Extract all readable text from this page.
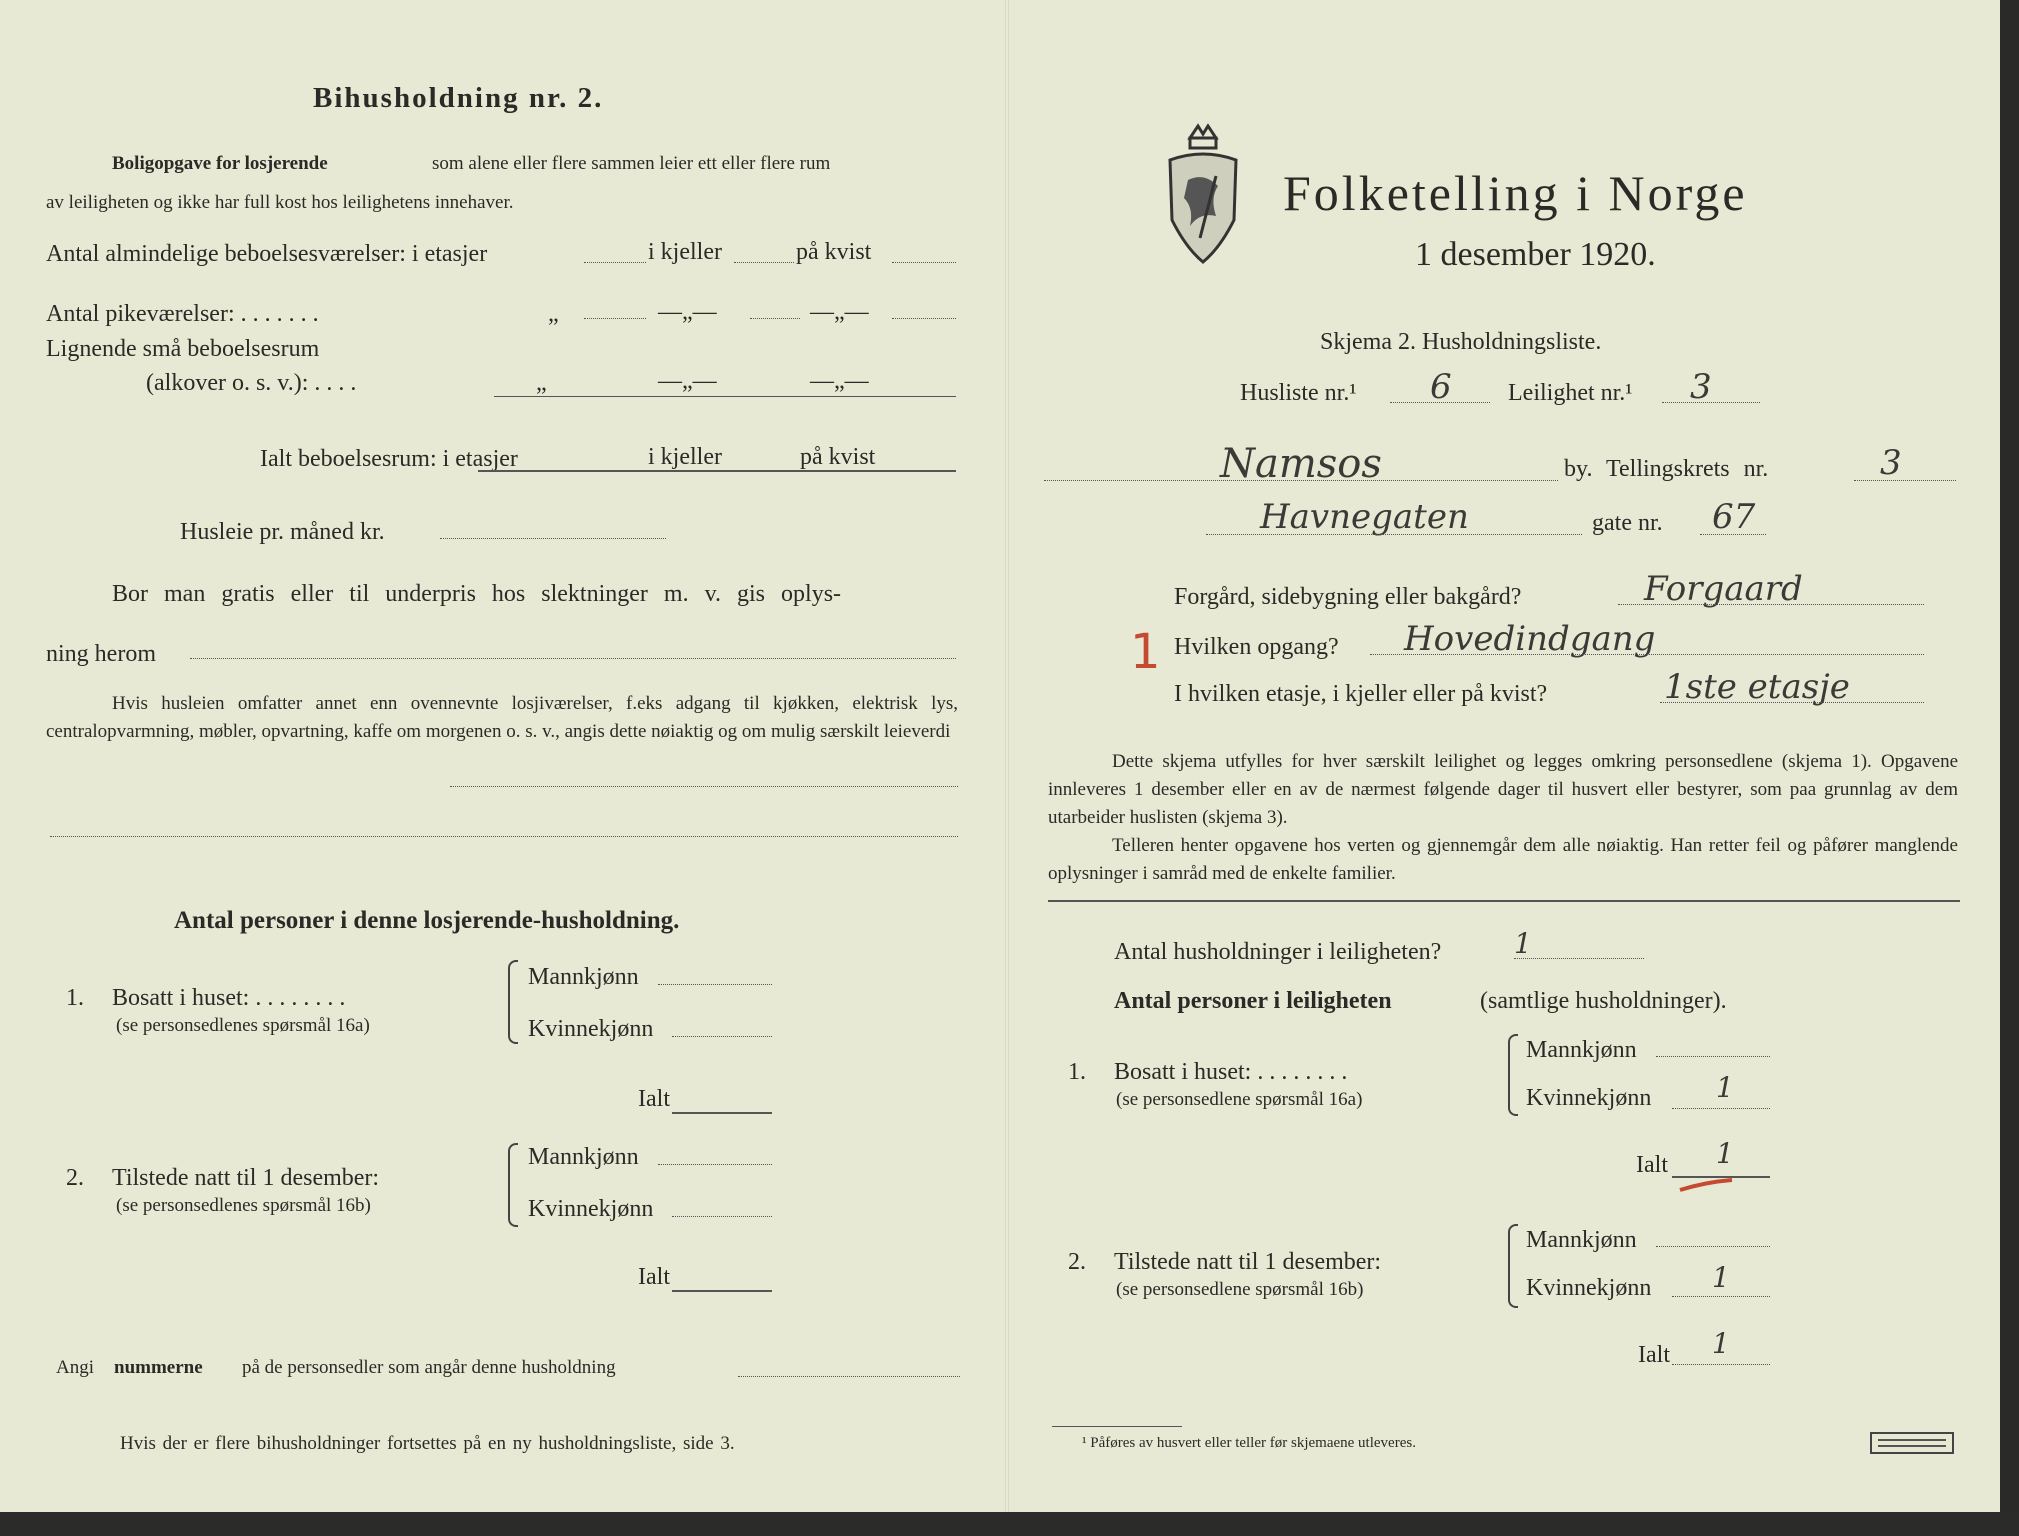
Bihusholdning nr. 2.
Boligopgave for losjerende	som alene eller flere sammen leier ett eller flere rum
av leiligheten og ikke har full kost hos leilighetens innehaver.
Antal almindelige beboelsesværelser: i etasjer	i kjeller	på kvist
Antal pikeværelser: . . . . . . .	„	—„—	—„—
Lignende små beboelsesrum
(alkover o. s. v.): . . . .	„	—„—	—„—
Ialt beboelsesrum: i etasjer	i kjeller	på kvist
Husleie pr. måned kr.
Bor man gratis eller til underpris hos slektninger m. v. gis oplys-
ning herom
Hvis husleien omfatter annet enn ovennevnte losjiværelser, f.eks adgang til kjøkken, elektrisk lys, centralopvarmning, møbler, opvartning, kaffe om morgenen o. s. v., angis dette nøiaktig og om mulig særskilt leieverdi
Antal personer i denne losjerende-husholdning.
1. Bosatt i huset: . . . . . . . .
(se personsedlenes spørsmål 16a)
Mannkjønn
Kvinnekjønn
Ialt
2. Tilstede natt til 1 desember:
(se personsedlenes spørsmål 16b)
Mannkjønn
Kvinnekjønn
Ialt
Angi nummerne på de personsedler som angår denne husholdning
Hvis der er flere bihusholdninger fortsettes på en ny husholdningsliste, side 3.
Folketelling i Norge
1 desember 1920.
Skjema 2. Husholdningsliste.
Husliste nr.¹ 6 Leilighet nr.¹ 3
Namsos	by. Tellingskrets nr.	3
Havnegaten	gate nr. 67
Forgård, sidebygning eller bakgård?	Forgaard
1 Hvilken opgang? Hovedindgang
I hvilken etasje, i kjeller eller på kvist?	1ste etasje
Dette skjema utfylles for hver særskilt leilighet og legges omkring personsedlene (skjema 1). Opgavene innleveres 1 desember eller en av de nærmest følgende dager til husvert eller bestyrer, som paa grunnlag av dem utarbeider huslisten (skjema 3).
Telleren henter opgavene hos verten og gjennemgår dem alle nøiaktig. Han retter feil og påfører manglende oplysninger i samråd med de enkelte familier.
Antal husholdninger i leiligheten?	1
Antal personer i leiligheten	(samtlige husholdninger).
1. Bosatt i huset: . . . . . . . .
(se personsedlene spørsmål 16a)
Mannkjønn
Kvinnekjønn 1
Ialt 1
2. Tilstede natt til 1 desember:
(se personsedlene spørsmål 16b)
Mannkjønn
Kvinnekjønn 1
Ialt 1
¹ Påføres av husvert eller teller før skjemaene utleveres.
